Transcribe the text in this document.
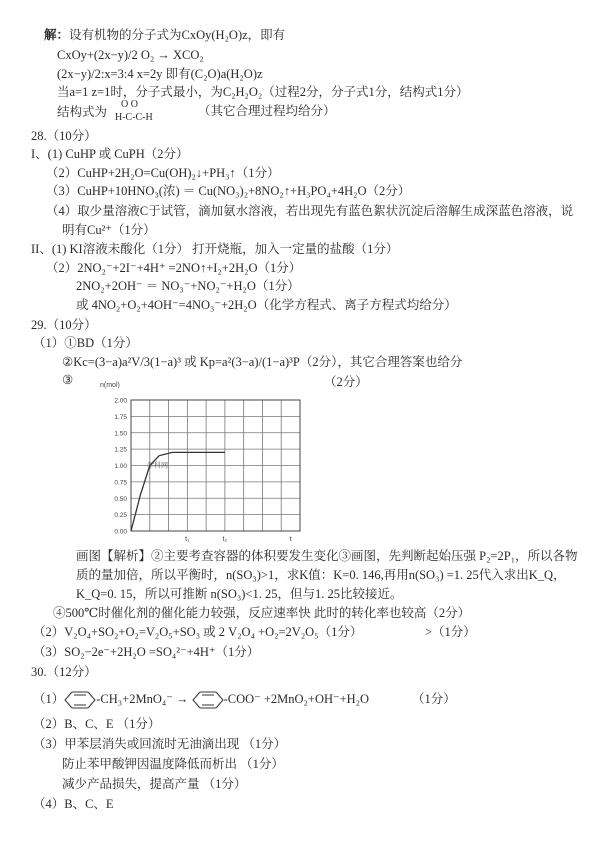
解：设有机物的分子式为CxOy(H₂O)z，即有
CxOy+(2x−y)/2 O₂ → XCO₂
(2x−y)/2:x=3:4 x=2y 即有(C₂O)a(H₂O)z
当a=1 z=1时，分子式最小，为C₂H₂O₂（过程2分，分子式1分，结构式1分）
结构式为
O O
H-C-C-H	（其它合理过程均给分）
28.（10分）
I、(1) CuHP 或 CuPH（2分）
（2）CuHP+2H₂O=Cu(OH)₂↓+PH₃↑（1分）
（3）CuHP+10HNO₃(浓) ＝ Cu(NO₃)₂+8NO₂↑+H₃PO₄+4H₂O（2分）
（4）取少量溶液C于试管，滴加氨水溶液，若出现先有蓝色絮状沉淀后溶解生成深蓝色溶液，说
明有Cu²⁺（1分）
II、(1) KI溶液未酸化（1分） 打开烧瓶，加入一定量的盐酸（1分）
（2）2NO₂⁻+2I⁻+4H⁺ =2NO↑+I₂+2H₂O（1分）
2NO₂+2OH⁻ ＝ NO₃⁻+NO₂⁻+H₂O（1分）
或 4NO₂+O₂+4OH⁻=4NO₃⁻+2H₂O（化学方程式、离子方程式均给分）
29.（10分）
（1）①BD（1分）
②Kc=(3−a)a²V/3(1−a)³ 或 Kp=a²(3−a)/(1−a)³P（2分），其它合理答案也给分
③	（2分）
n(mol)
0.00
0.25
0.50
0.75
1.00
1.25
1.50
1.75
2.00
t₁	t₂	t
学科网
画图【解析】②主要考查容器的体积要发生变化③画图，先判断起始压强 P₂=2P₁，所以各物
质的量加倍，所以平衡时，n(SO₃)>1，求K值：K=0. 146,再用n(SO₃) =1. 25代入求出K_Q，
K_Q=0. 15，所以可推断 n(SO₃)<1. 25，但与1. 25比较接近。
④500℃时催化剂的催化能力较强，反应速率快 此时的转化率也较高（2分）
（2）V₂O₄+SO₂+O₂=V₂O₅+SO₃ 或 2 V₂O₄ +O₂=2V₂O₅（1分）	>（1分）
（3）SO₂−2e⁻+2H₂O =SO₄²⁻+4H⁺（1分）
30.（12分）
（1）	-CH₃+2MnO₄⁻ →	-COO⁻ +2MnO₂+OH⁻+H₂O	（1分）
（2）B、C、E （1分）
（3）甲苯层消失或回流时无油滴出现 （1分）
防止苯甲酸钾因温度降低而析出 （1分）
减少产品损失，提高产量 （1分）
（4）B、C、E
